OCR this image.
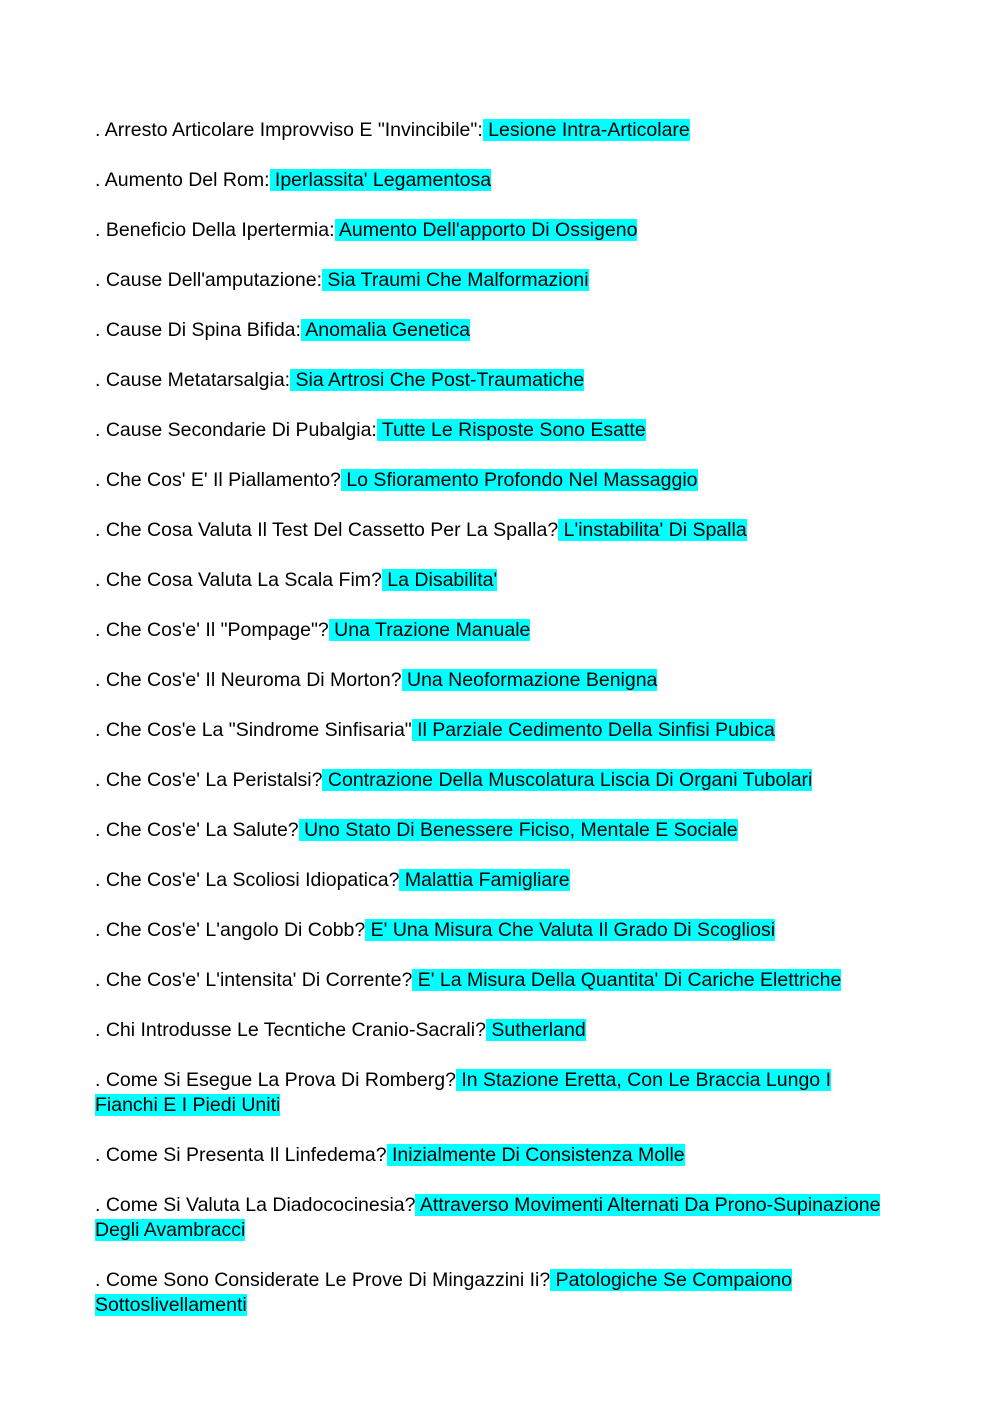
. Arresto Articolare Improvviso E "Invincibile": Lesione Intra-Articolare

. Aumento Del Rom: Iperlassita' Legamentosa

. Beneficio Della Ipertermia: Aumento Dell'apporto Di Ossigeno

. Cause Dell'amputazione: Sia Traumi Che Malformazioni

. Cause Di Spina Bifida: Anomalia Genetica

. Cause Metatarsalgia: Sia Artrosi Che Post-Traumatiche

. Cause Secondarie Di Pubalgia: Tutte Le Risposte Sono Esatte

. Che Cos' E' Il Piallamento? Lo Sfioramento Profondo Nel Massaggio

. Che Cosa Valuta Il Test Del Cassetto Per La Spalla? L'instabilita' Di Spalla

. Che Cosa Valuta La Scala Fim? La Disabilita'

. Che Cos'e' Il "Pompage"? Una Trazione Manuale

. Che Cos'e' Il Neuroma Di Morton? Una Neoformazione Benigna

. Che Cos'e La "Sindrome Sinfisaria" Il Parziale Cedimento Della Sinfisi Pubica

. Che Cos'e' La Peristalsi? Contrazione Della Muscolatura Liscia Di Organi Tubolari

. Che Cos'e' La Salute? Uno Stato Di Benessere Ficiso, Mentale E Sociale

. Che Cos'e' La Scoliosi Idiopatica? Malattia Famigliare

. Che Cos'e' L'angolo Di Cobb? E' Una Misura Che Valuta Il Grado Di Scogliosi

. Che Cos'e' L'intensita' Di Corrente? E' La Misura Della Quantita' Di Cariche Elettriche

. Chi Introdusse Le Tecntiche Cranio-Sacrali? Sutherland

. Come Si Esegue La Prova Di Romberg? In Stazione Eretta, Con Le Braccia Lungo I Fianchi E I Piedi Uniti

. Come Si Presenta Il Linfedema? Inizialmente Di Consistenza Molle

. Come Si Valuta La Diadococinesia? Attraverso Movimenti Alternati Da Prono-Supinazione Degli Avambracci

. Come Sono Considerate Le Prove Di Mingazzini Ii? Patologiche Se Compaiono Sottoslivellamenti
